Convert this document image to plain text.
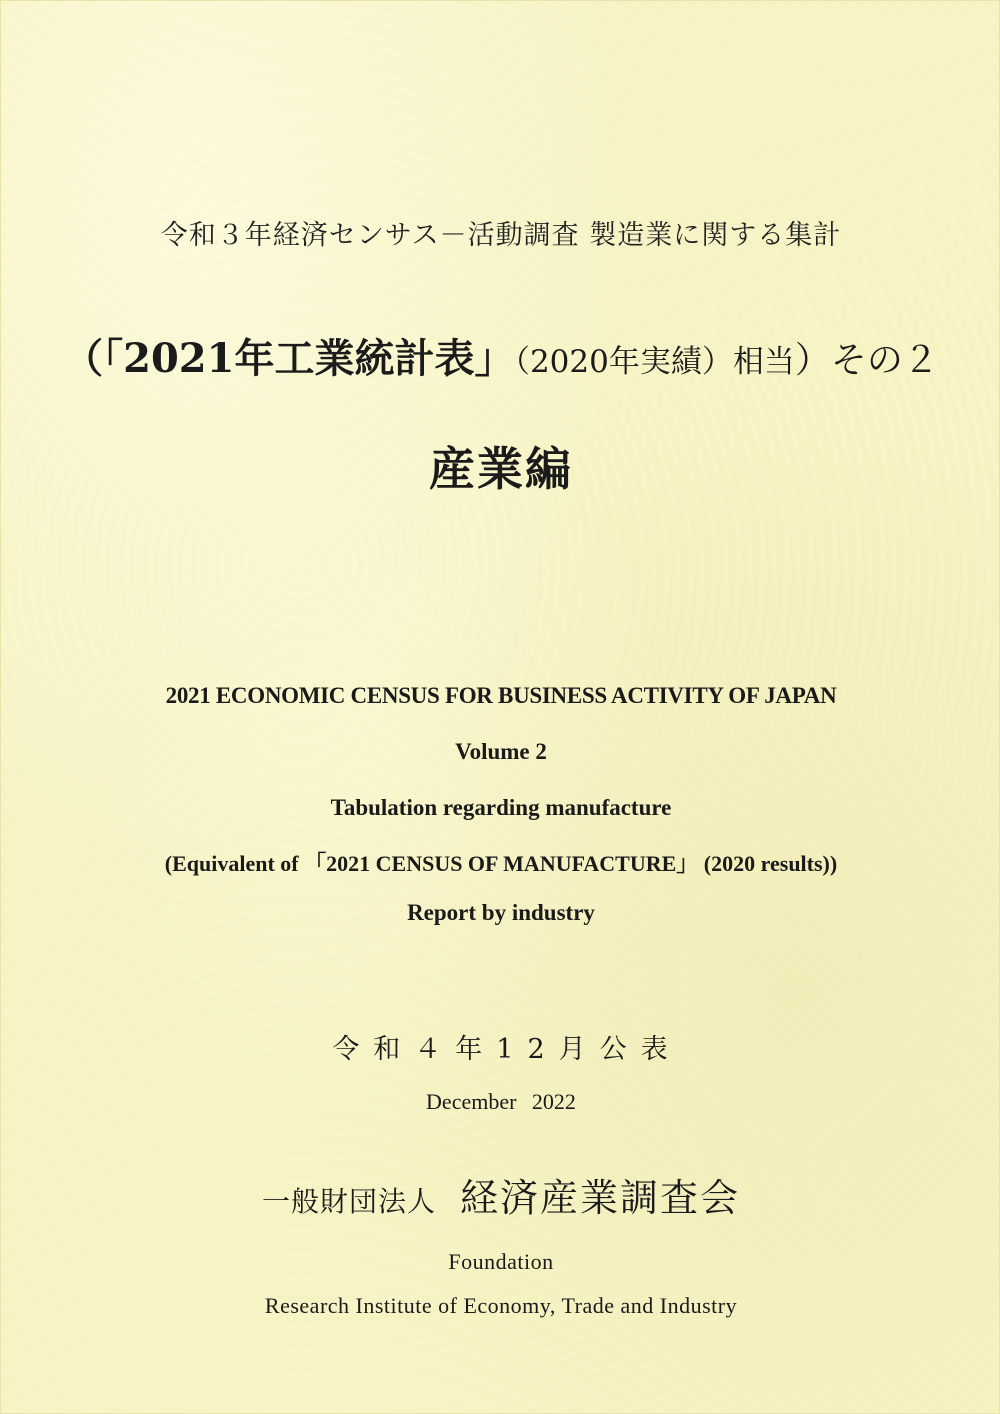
令和３年経済センサス－活動調査 製造業に関する集計
（「2021年工業統計表」（2020年実績）相当）その２
産業編
2021 ECONOMIC CENSUS FOR BUSINESS ACTIVITY OF JAPAN
Volume 2
Tabulation regarding manufacture
(Equivalent of 「2021 CENSUS OF MANUFACTURE」 (2020 results))
Report by industry
令和４年12月公表
December 2022
一般財団法人 経済産業調査会
Foundation
Research Institute of Economy, Trade and Industry
